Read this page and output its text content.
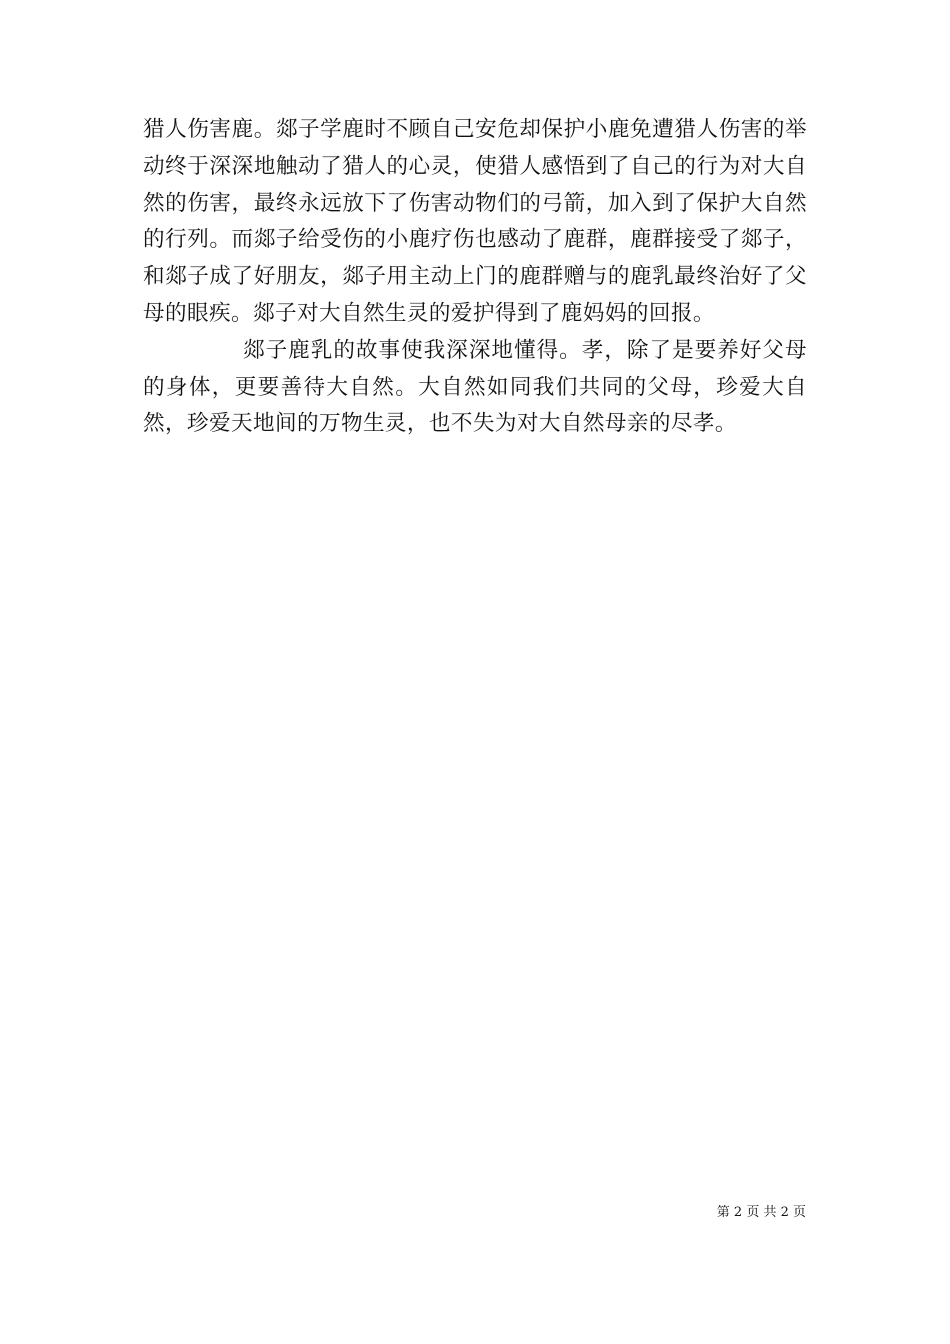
猎人伤害鹿。郯子学鹿时不顾自己安危却保护小鹿免遭猎人伤害的举动终于深深地触动了猎人的心灵，使猎人感悟到了自己的行为对大自然的伤害，最终永远放下了伤害动物们的弓箭，加入到了保护大自然的行列。而郯子给受伤的小鹿疗伤也感动了鹿群，鹿群接受了郯子，和郯子成了好朋友，郯子用主动上门的鹿群赠与的鹿乳最终治好了父母的眼疾。郯子对大自然生灵的爱护得到了鹿妈妈的回报。

郯子鹿乳的故事使我深深地懂得。孝，除了是要养好父母的身体，更要善待大自然。大自然如同我们共同的父母，珍爱大自然，珍爱天地间的万物生灵，也不失为对大自然母亲的尽孝。

第 2 页 共 2 页
